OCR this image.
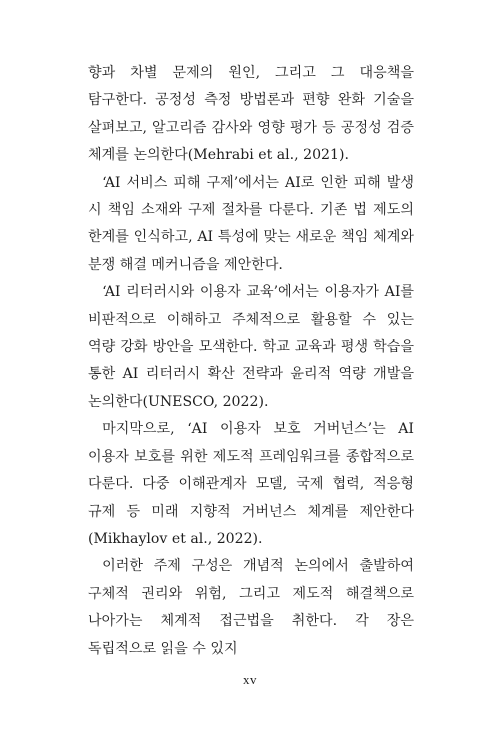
향과 차별 문제의 원인, 그리고 그 대응책을 탐구한다. 공정성 측정 방법론과 편향 완화 기술을 살펴보고, 알고리즘 감사와 영향 평가 등 공정성 검증 체계를 논의한다(Mehrabi et al., 2021).

‘AI 서비스 피해 구제’에서는 AI로 인한 피해 발생 시 책임 소재와 구제 절차를 다룬다. 기존 법 제도의 한계를 인식하고, AI 특성에 맞는 새로운 책임 체계와 분쟁 해결 메커니즘을 제안한다.

‘AI 리터러시와 이용자 교육’에서는 이용자가 AI를 비판적으로 이해하고 주체적으로 활용할 수 있는 역량 강화 방안을 모색한다. 학교 교육과 평생 학습을 통한 AI 리터러시 확산 전략과 윤리적 역량 개발을 논의한다(UNESCO, 2022).

마지막으로, ‘AI 이용자 보호 거버넌스’는 AI 이용자 보호를 위한 제도적 프레임워크를 종합적으로 다룬다. 다중 이해관계자 모델, 국제 협력, 적응형 규제 등 미래 지향적 거버넌스 체계를 제안한다(Mikhaylov et al., 2022).

이러한 주제 구성은 개념적 논의에서 출발하여 구체적 권리와 위험, 그리고 제도적 해결책으로 나아가는 체계적 접근법을 취한다. 각 장은 독립적으로 읽을 수 있지

xv
